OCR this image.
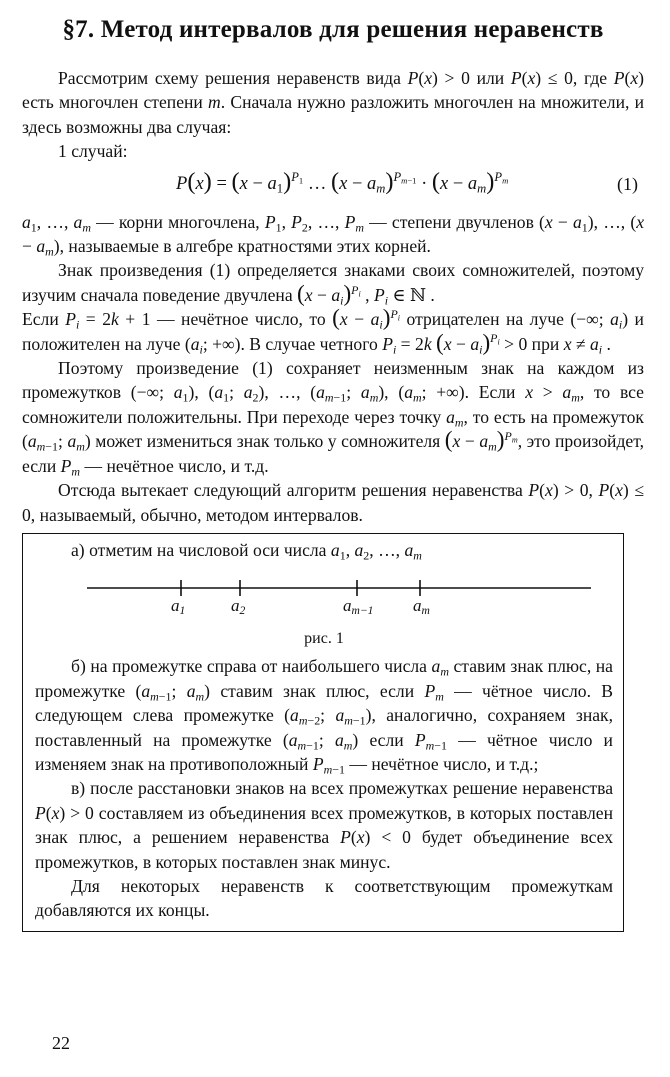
§7. Метод интервалов для решения неравенств

Рассмотрим схему решения неравенств вида P(x) > 0 или P(x) ≤ 0, где P(x) есть многочлен степени m. Сначала нужно разложить многочлен на множители, и здесь возможны два случая:

1 случай:

$P(x) = (x - a_1)^{P_1}$ … $(x - a_m)^{P_{m-1}} \cdot (x - a_m)^{P_m}$	(1)

$a_1$, …, $a_m$ — корни многочлена, $P_1$, $P_2$, …, $P_m$ — степени двучленов $(x - a_1)$, …, $(x - a_m)$, называемые в алгебре кратностями этих корней.

Знак произведения (1) определяется знаками своих сомножителей, поэтому изучим сначала поведение двучлена $(x - a_i)^{P_i}$ , $P_i$ ∈ ℕ .

Если $P_i = 2k + 1$ — нечётное число, то $(x - a_i)^{P_i}$ отрицателен на луче (−∞; $a_i$) и положителен на луче ($a_i$; +∞). В случае четного $P_i = 2k$ $(x - a_i)^{P_i} > 0$ при $x \ne a_i$ .

Поэтому произведение (1) сохраняет неизменным знак на каждом из промежутков (−∞; $a_1$), ($a_1$; $a_2$), …, ($a_{m-1}$; $a_m$), ($a_m$; +∞). Если $x > a_m$, то все сомножители положительны. При переходе через точку $a_m$, то есть на промежуток ($a_{m-1}$; $a_m$) может измениться знак только у сомножителя $(x - a_m)^{P_m}$, это произойдет, если $P_m$ — нечётное число, и т.д.

Отсюда вытекает следующий алгоритм решения неравенства P(x) > 0, P(x) ≤ 0, называемый, обычно, методом интервалов.

а) отметим на числовой оси числа $a_1$, $a_2$, …, $a_m$

$a_1$	$a_2$	$a_{m-1}$ $a_m$
рис. 1

б) на промежутке справа от наибольшего числа $a_m$ ставим знак плюс, на промежутке ($a_{m-1}$; $a_m$) ставим знак плюс, если $P_m$ — чётное число. В следующем слева промежутке ($a_{m-2}$; $a_{m-1}$), аналогично, сохраняем знак, поставленный на промежутке ($a_{m-1}$; $a_m$) если $P_{m-1}$ — чётное число и изменяем знак на противоположный $P_{m-1}$ — нечётное число, и т.д.;

в) после расстановки знаков на всех промежутках решение неравенства P(x) > 0 составляем из объединения всех промежутков, в которых поставлен знак плюс, а решением неравенства P(x) < 0 будет объединение всех промежутков, в которых поставлен знак минус.

Для некоторых неравенств к соответствующим промежуткам добавляются их концы.

22
